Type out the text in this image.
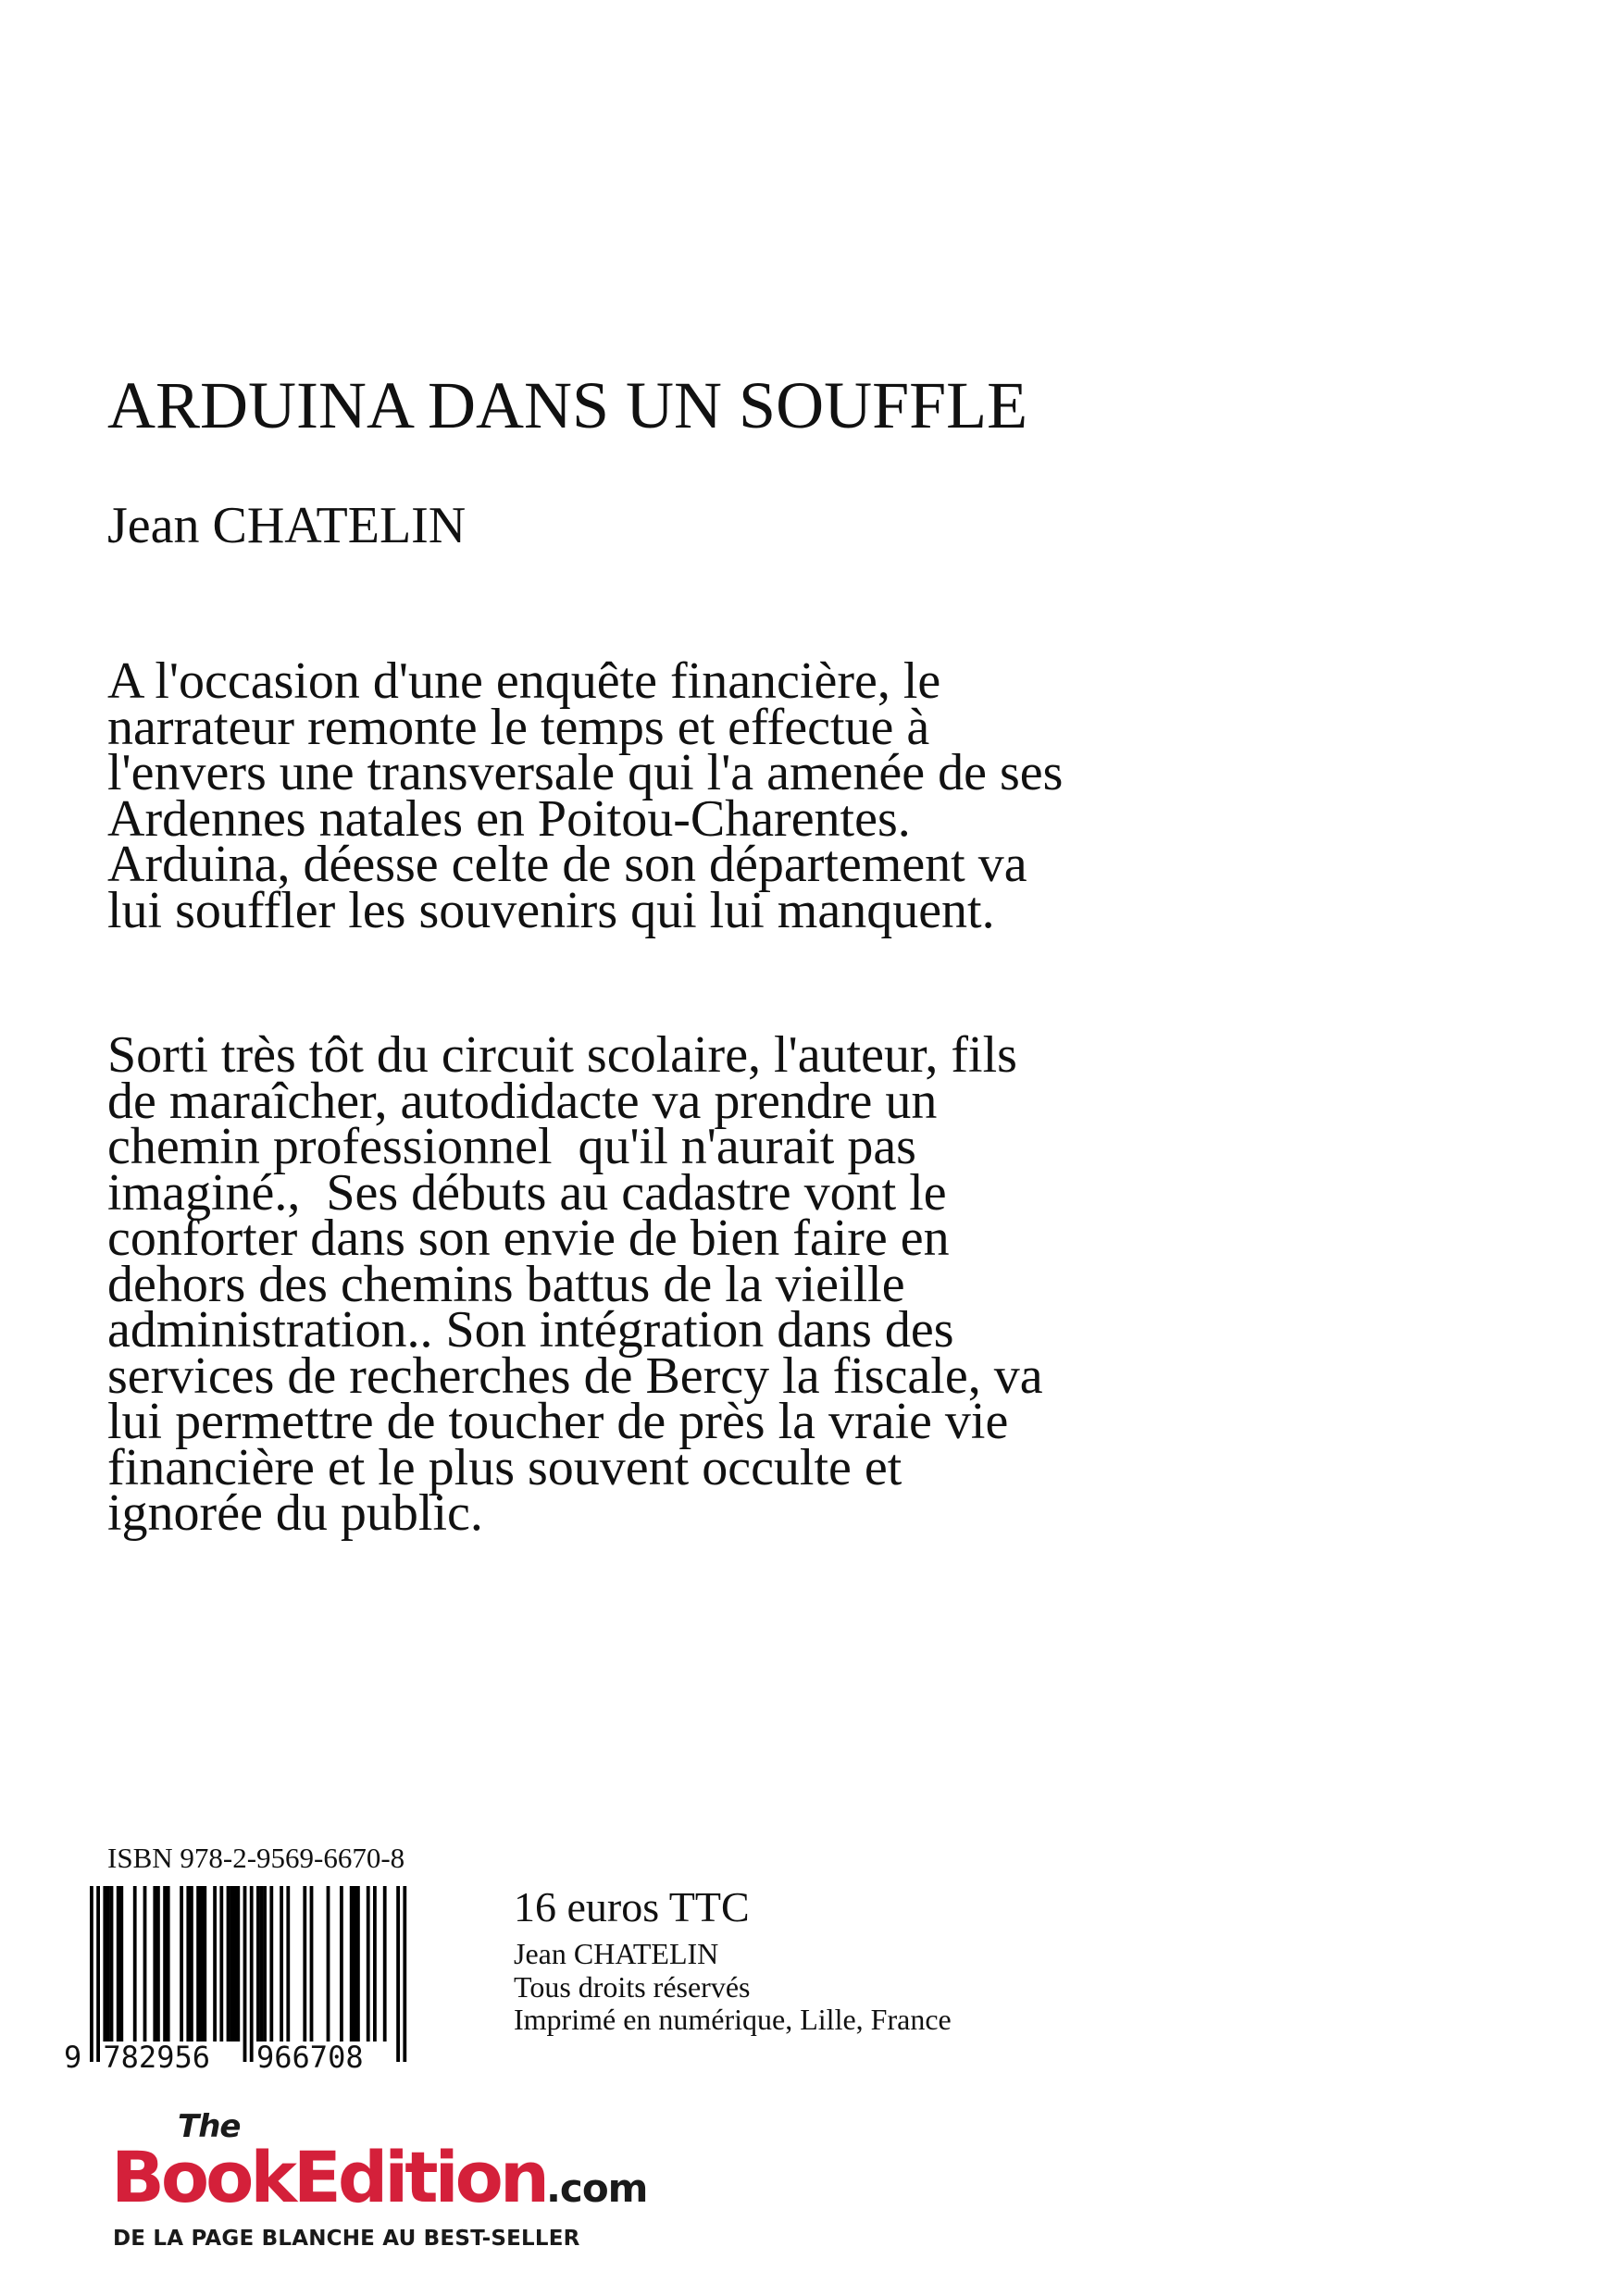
ARDUINA DANS UN SOUFFLE
Jean CHATELIN

A l'occasion d'une enquête financière, le
narrateur remonte le temps et effectue à
l'envers une transversale qui l'a amenée de ses
Ardennes natales en Poitou-Charentes.
Arduina, déesse celte de son département va
lui souffler les souvenirs qui lui manquent.

Sorti très tôt du circuit scolaire, l'auteur, fils
de maraîcher, autodidacte va prendre un
chemin professionnel  qu'il n'aurait pas
imaginé.,  Ses débuts au cadastre vont le
conforter dans son envie de bien faire en
dehors des chemins battus de la vieille
administration.. Son intégration dans des
services de recherches de Bercy la fiscale, va
lui permettre de toucher de près la vraie vie
financière et le plus souvent occulte et
ignorée du public.

ISBN 978-2-9569-6670-8
9 782956 966708
16 euros TTC
Jean CHATELIN
Tous droits réservés
Imprimé en numérique, Lille, France
The
BookEdition.com
DE LA PAGE BLANCHE AU BEST-SELLER
